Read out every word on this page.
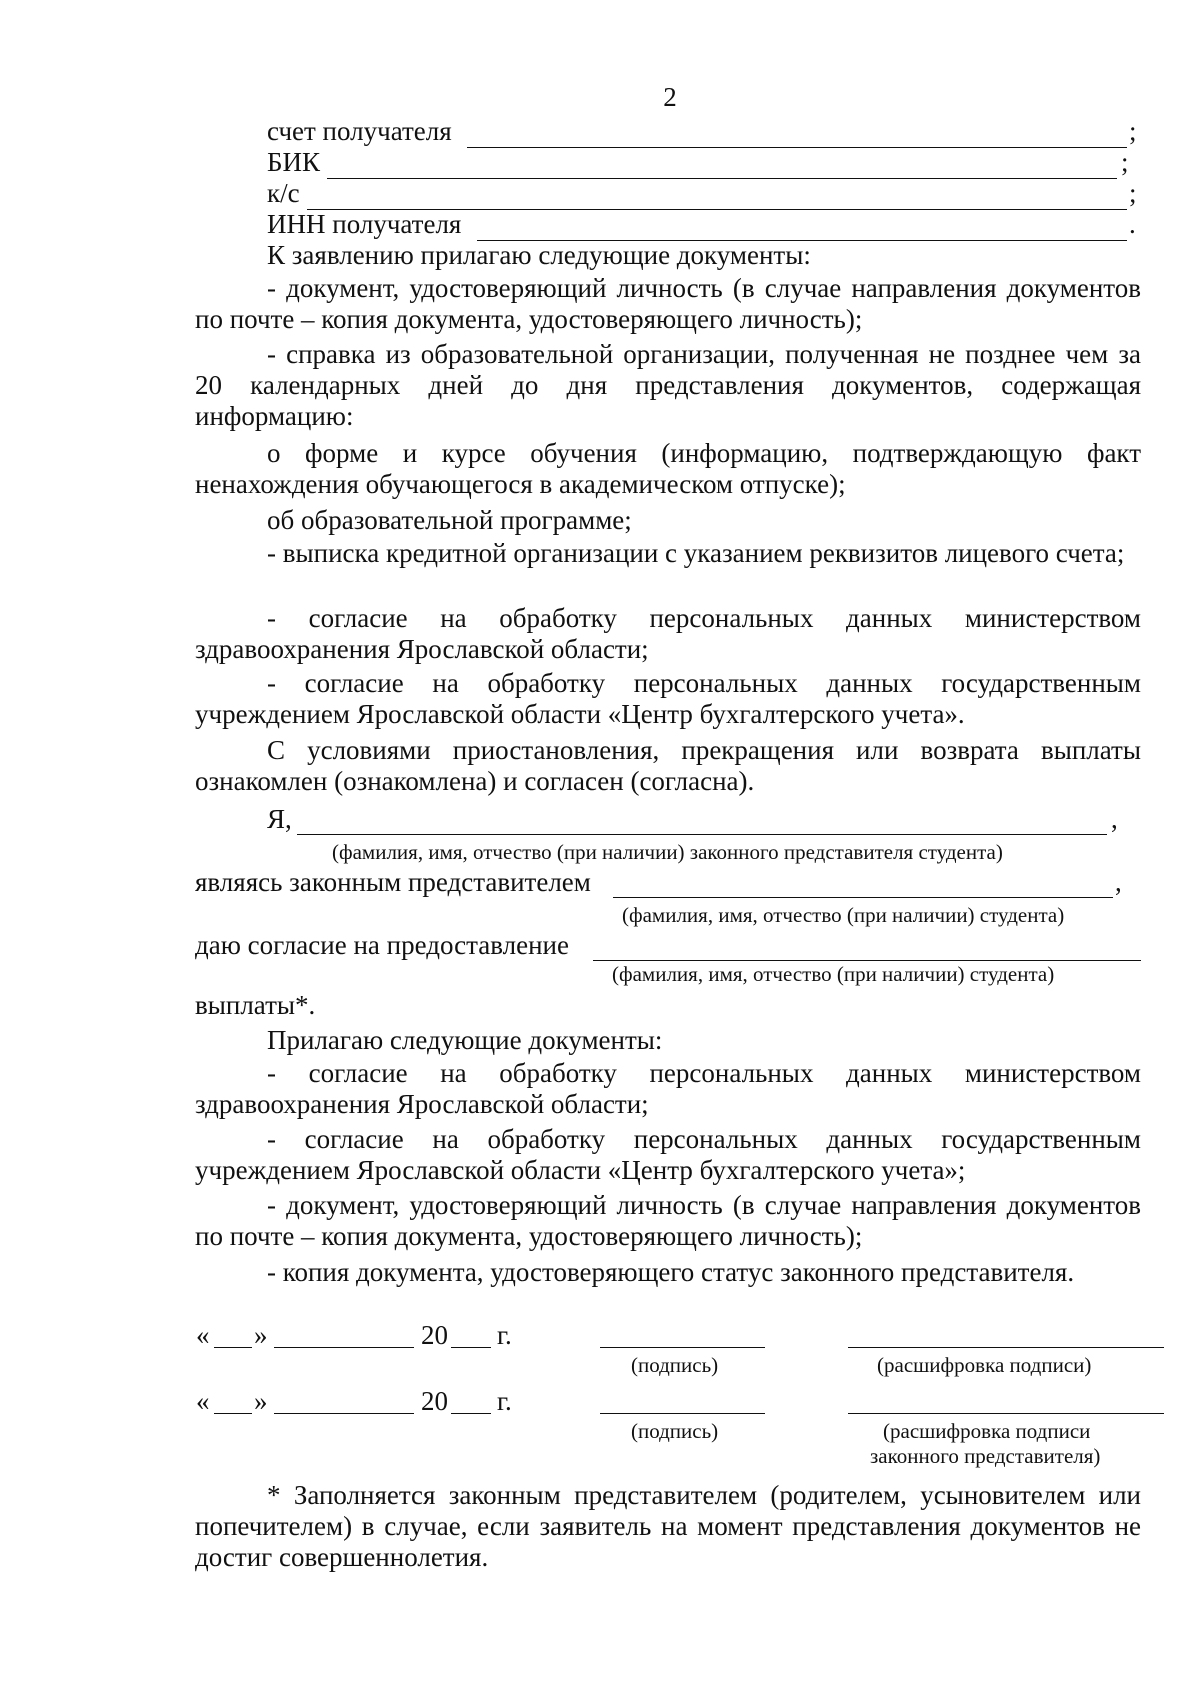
2
счет получателя	;
БИК	;
к/с	;
ИНН получателя	.

К заявлению прилагаю следующие документы:

- документ, удостоверяющий личность (в случае направления документов по почте – копия документа, удостоверяющего личность);

- справка из образовательной организации, полученная не позднее чем за 20 календарных дней до дня представления документов, содержащая информацию:

о форме и курсе обучения (информацию, подтверждающую факт ненахождения обучающегося в академическом отпуске);

об образовательной программе;

- выписка кредитной организации с указанием реквизитов лицевого счета;

- согласие на обработку персональных данных министерством здравоохранения Ярославской области;

- согласие на обработку персональных данных государственным учреждением Ярославской области «Центр бухгалтерского учета».

С условиями приостановления, прекращения или возврата выплаты ознакомлен (ознакомлена) и согласен (согласна).

Я,	,
(фамилия, имя, отчество (при наличии) законного представителя студента)
являясь законным представителем	,
(фамилия, имя, отчество (при наличии) студента)
даю согласие на предоставление
(фамилия, имя, отчество (при наличии) студента)

выплаты*.

Прилагаю следующие документы:

- согласие на обработку персональных данных министерством здравоохранения Ярославской области;

- согласие на обработку персональных данных государственным учреждением Ярославской области «Центр бухгалтерского учета»;

- документ, удостоверяющий личность (в случае направления документов по почте – копия документа, удостоверяющего личность);

- копия документа, удостоверяющего статус законного представителя.

« »	20 г.
(подпись)	(расшифровка подписи)
« »	20 г.
(подпись)	(расшифровка подписи
законного представителя)

* Заполняется законным представителем (родителем, усыновителем или попечителем) в случае, если заявитель на момент представления документов не достиг совершеннолетия.
